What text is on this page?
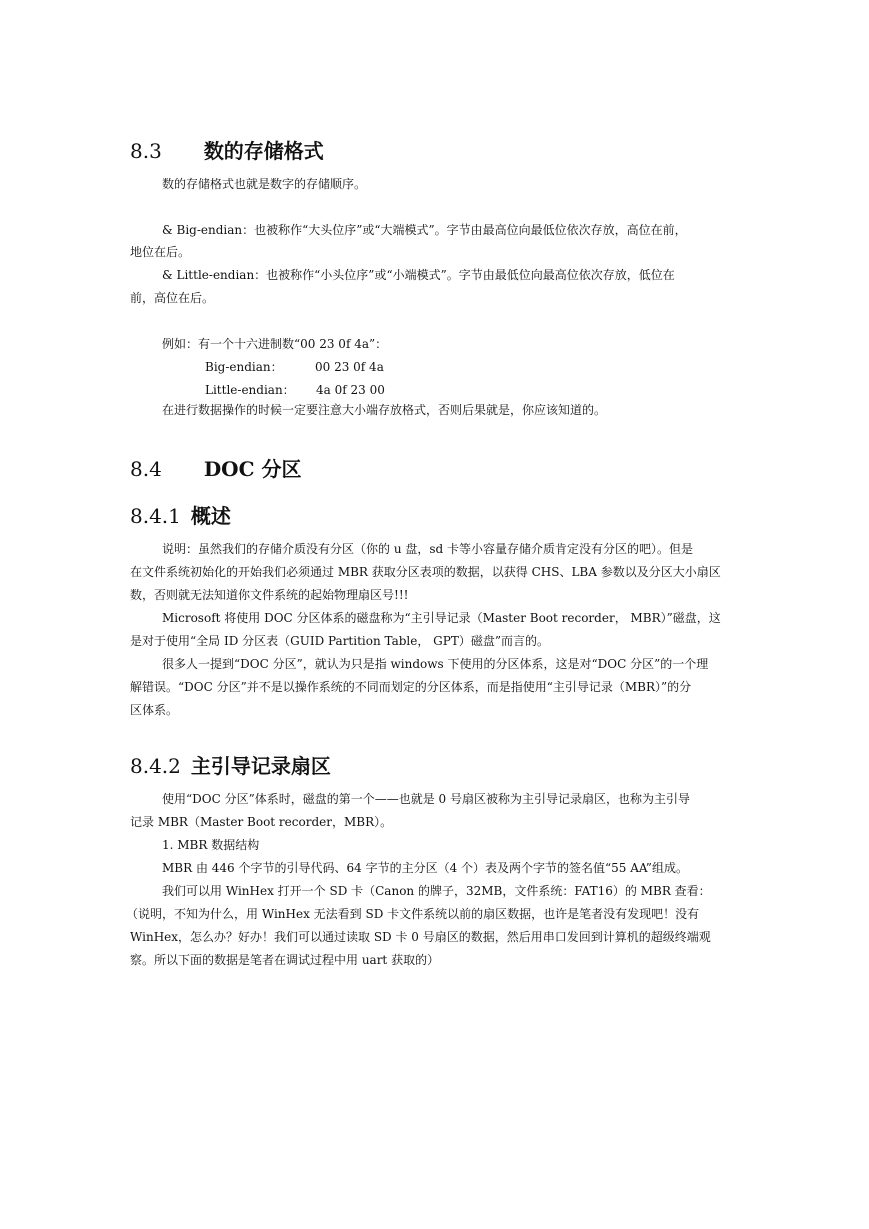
8.3 数的存储格式

数的存储格式也就是数字的存储顺序。

& Big-endian：也被称作“大头位序”或“大端模式”。字节由最高位向最低位依次存放，高位在前，

地位在后。

& Little-endian：也被称作“小头位序”或“小端模式”。字节由最低位向最高位依次存放，低位在

前，高位在后。

例如：有一个十六进制数“00 23 0f 4a”：

Big-endian：	00 23 0f 4a

Little-endian： 4a 0f 23 00

在进行数据操作的时候一定要注意大小端存放格式，否则后果就是，你应该知道的。

8.4 DOC 分区
8.4.1 概述

说明：虽然我们的存储介质没有分区（你的 u 盘，sd 卡等小容量存储介质肯定没有分区的吧）。但是

在文件系统初始化的开始我们必须通过 MBR 获取分区表项的数据，以获得 CHS、LBA 参数以及分区大小扇区

数，否则就无法知道你文件系统的起始物理扇区号!!!

Microsoft 将使用 DOC 分区体系的磁盘称为“主引导记录（Master Boot recorder， MBR）”磁盘，这

是对于使用“全局 ID 分区表（GUID Partition Table， GPT）磁盘”而言的。

很多人一提到“DOC 分区”，就认为只是指 windows 下使用的分区体系，这是对“DOC 分区”的一个理

解错误。“DOC 分区”并不是以操作系统的不同而划定的分区体系，而是指使用“主引导记录（MBR）”的分

区体系。

8.4.2 主引导记录扇区

使用“DOC 分区”体系时，磁盘的第一个——也就是 0 号扇区被称为主引导记录扇区，也称为主引导

记录 MBR（Master Boot recorder，MBR）。

1. MBR 数据结构

MBR 由 446 个字节的引导代码、64 字节的主分区（4 个）表及两个字节的签名值“55 AA”组成。

我们可以用 WinHex 打开一个 SD 卡（Canon 的牌子，32MB，文件系统：FAT16）的 MBR 查看：

（说明，不知为什么，用 WinHex 无法看到 SD 卡文件系统以前的扇区数据，也许是笔者没有发现吧！没有

WinHex，怎么办？好办！我们可以通过读取 SD 卡 0 号扇区的数据，然后用串口发回到计算机的超级终端观

察。所以下面的数据是笔者在调试过程中用 uart 获取的）
